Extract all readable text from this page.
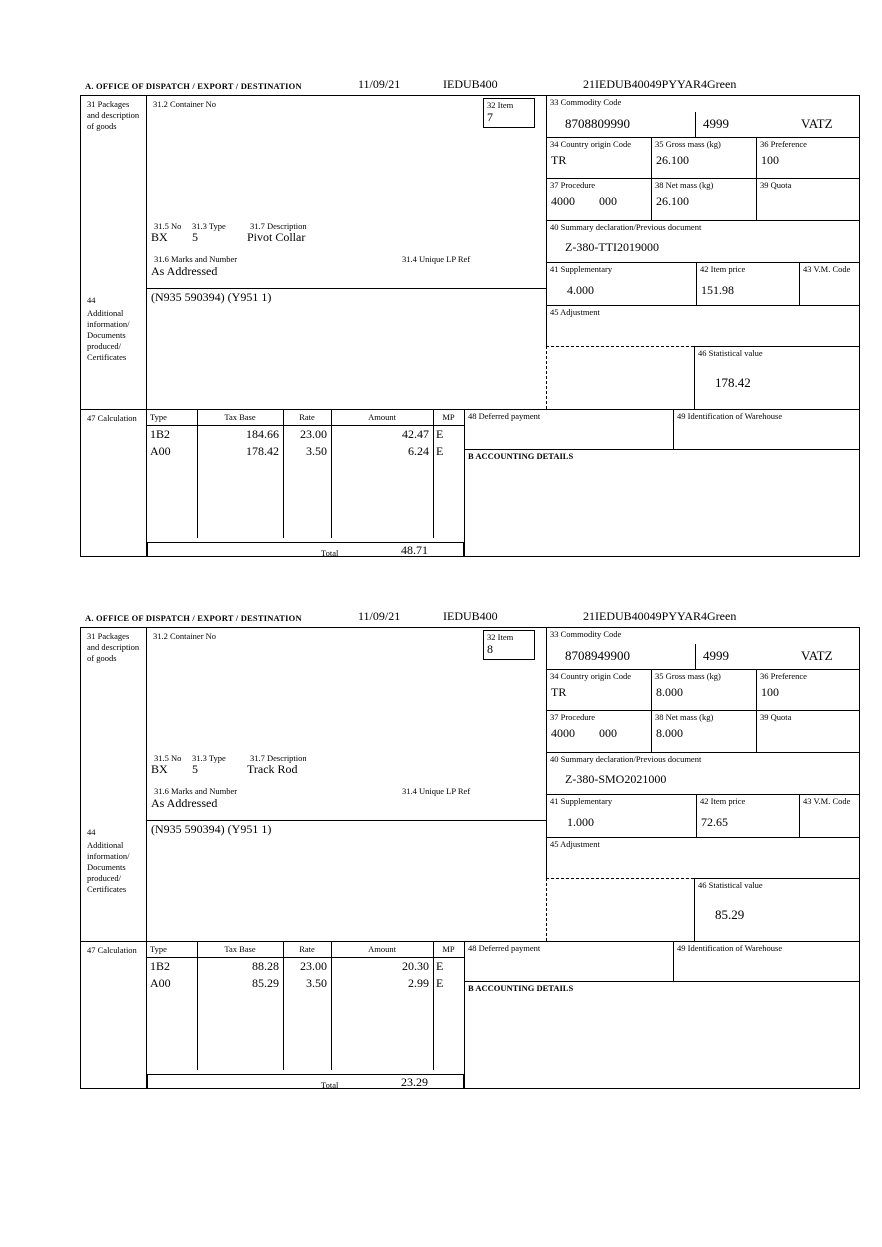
A. OFFICE OF DISPATCH / EXPORT / DESTINATION	11/09/21	IEDUB400	21IEDUB40049PYYAR4Green
31 Packages and description of goods
44
Additional information/ Documents produced/ Certificates
47 Calculation
31.2 Container No	32 Item
7
31.5 No	31.3 Type	31.7 Description
BX 5	Pivot Collar
31.6 Marks and Number	31.4 Unique LP Ref
As Addressed
(N935 590394) (Y951 1)
33 Commodity Code
8708809990	4999	VATZ
34 Country origin Code
TR
35 Gross mass (kg)
26.100
36 Preference
100
37 Procedure
4000 000
38 Net mass (kg)
26.100
39 Quota
40 Summary declaration/Previous document
Z-380-TTI2019000
41 Supplementary
4.000
42 Item price
151.98
43 V.M. Code
45 Adjustment
46 Statistical value
178.42
Type	Tax Base	Rate	Amount	MP
1B2	184.66	23.00	42.47 E
A00	178.42	3.50	6.24 E
Total	48.71
48 Deferred payment	49 Identification of Warehouse
B ACCOUNTING DETAILS
A. OFFICE OF DISPATCH / EXPORT / DESTINATION	11/09/21	IEDUB400	21IEDUB40049PYYAR4Green
31 Packages and description of goods
44
Additional information/ Documents produced/ Certificates
47 Calculation
31.2 Container No	32 Item
8
31.5 No	31.3 Type	31.7 Description
BX 5	Track Rod
31.6 Marks and Number	31.4 Unique LP Ref
As Addressed
(N935 590394) (Y951 1)
33 Commodity Code
8708949900	4999	VATZ
34 Country origin Code
TR
35 Gross mass (kg)
8.000
36 Preference
100
37 Procedure
4000 000
38 Net mass (kg)
8.000
39 Quota
40 Summary declaration/Previous document
Z-380-SMO2021000
41 Supplementary
1.000
42 Item price
72.65
43 V.M. Code
45 Adjustment
46 Statistical value
85.29
Type	Tax Base	Rate	Amount	MP
1B2	88.28	23.00	20.30 E
A00	85.29	3.50	2.99 E
Total	23.29
48 Deferred payment	49 Identification of Warehouse
B ACCOUNTING DETAILS
